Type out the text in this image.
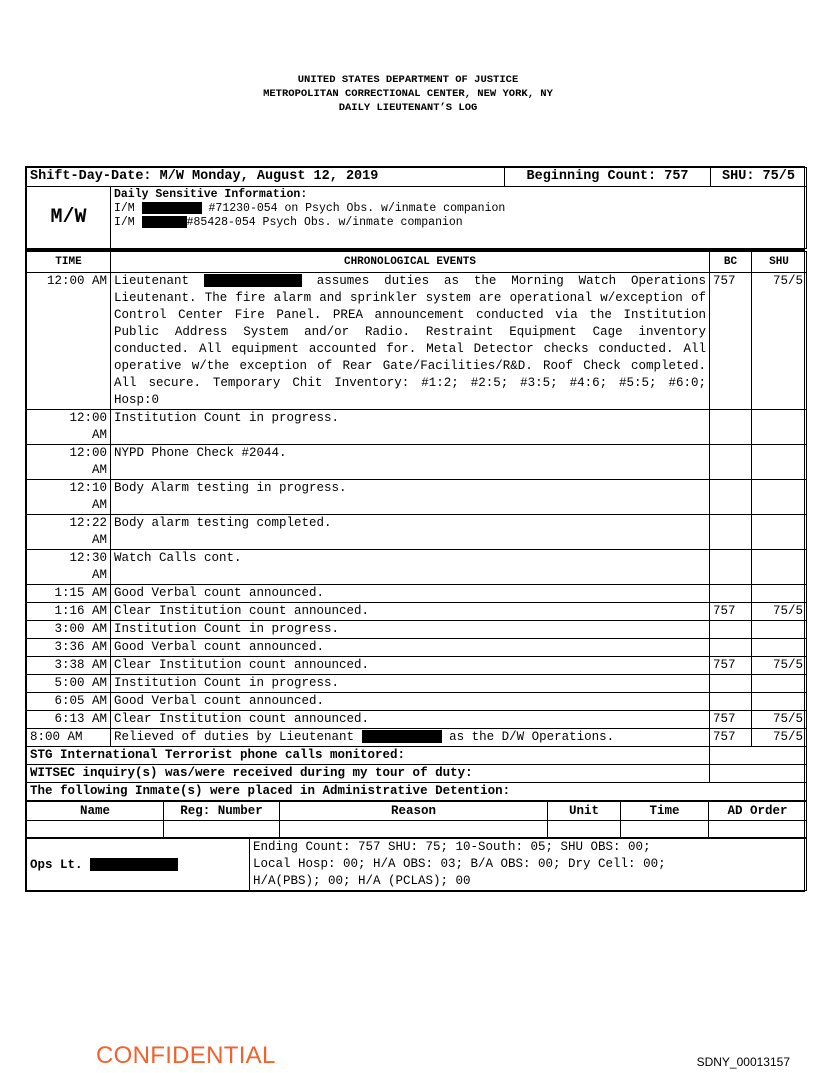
UNITED STATES DEPARTMENT OF JUSTICE
METROPOLITAN CORRECTIONAL CENTER, NEW YORK, NY
DAILY LIEUTENANT’S LOG
Shift-Day-Date: M/W Monday, August 12, 2019		Beginning Count: 757	SHU: 75/5
M/W	Daily Sensitive Information:
I/M #71230-054 on Psych Obs. w/inmate companion
I/M #85428-054 Psych Obs. w/inmate companion		
TIME	CHRONOLOGICAL EVENTS	BC	SHU
12:00 AM	Lieutenant assumes duties as the Morning Watch Operations Lieutenant. The fire alarm and sprinkler system are operational w/exception of Control Center Fire Panel. PREA announcement conducted via the Institution Public Address System and/or Radio. Restraint Equipment Cage inventory conducted. All equipment accounted for. Metal Detector checks conducted. All operative w/the exception of Rear Gate/Facilities/R&D. Roof Check completed. All secure. Temporary Chit Inventory: #1:2; #2:5; #3:5; #4:6; #5:5; #6:0; Hosp:0	757	75/5
12:00 AM	Institution Count in progress.		
12:00 AM	NYPD Phone Check #2044.		
12:10 AM	Body Alarm testing in progress.		
12:22 AM	Body alarm testing completed.		
12:30 AM	Watch Calls cont.		
1:15 AM	Good Verbal count announced.		
1:16 AM	Clear Institution count announced.	757	75/5
3:00 AM	Institution Count in progress.		
3:36 AM	Good Verbal count announced.		
3:38 AM	Clear Institution count announced.	757	75/5
5:00 AM	Institution Count in progress.		
6:05 AM	Good Verbal count announced.		
6:13 AM	Clear Institution count announced.	757	75/5
8:00 AM	Relieved of duties by Lieutenant as the D/W Operations.	757	75/5
STG International Terrorist phone calls monitored:			
WITSEC inquiry(s) was/were received during my tour of duty:			
The following Inmate(s) were placed in Administrative Detention:			
Name	Reg: Number	Reason	Unit	Time	AD Order

Ops Lt.	
Ending Count: 757 SHU: 75; 10-South: 05; SHU OBS: 00;
Local Hosp: 00; H/A OBS: 03; B/A OBS: 00; Dry Cell: 00;
H/A(PBS); 00; H/A (PCLAS); 00
CONFIDENTIAL	SDNY_00013157
